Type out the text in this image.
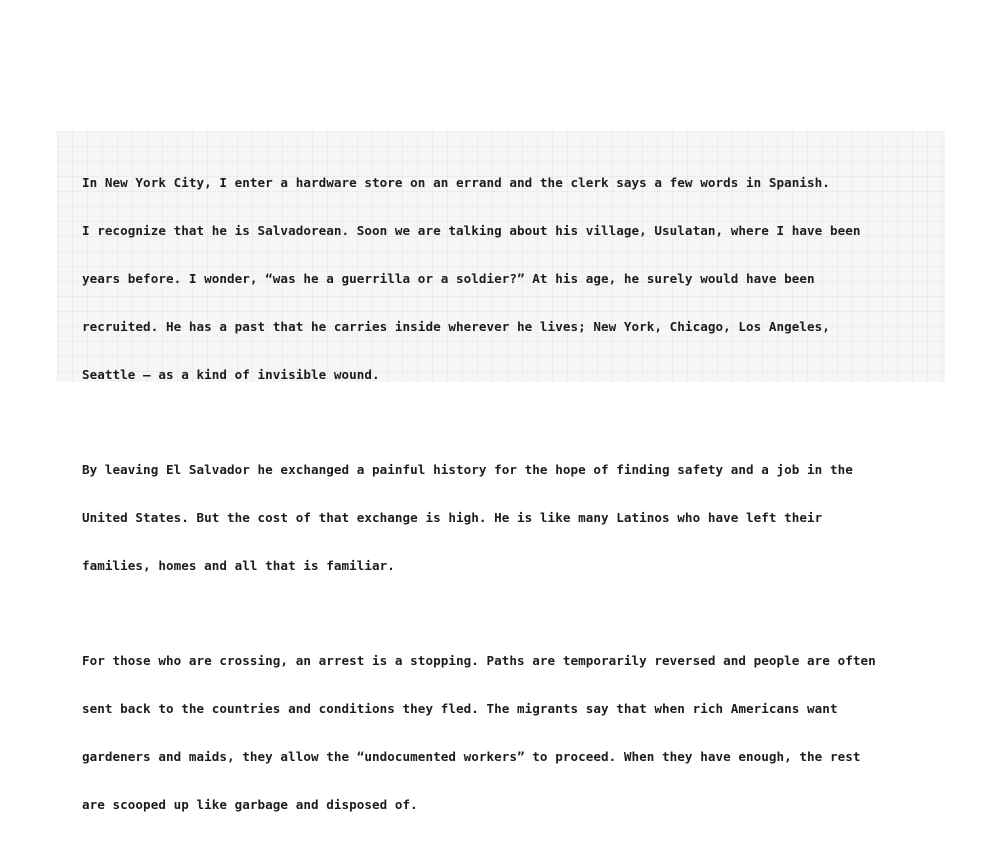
In New York City, I enter a hardware store on an errand and the clerk says a few words in Spanish.

I recognize that he is Salvadorean. Soon we are talking about his village, Usulatan, where I have been

years before. I wonder, “was he a guerrilla or a soldier?” At his age, he surely would have been

recruited. He has a past that he carries inside wherever he lives; New York, Chicago, Los Angeles,

Seattle — as a kind of invisible wound.

By leaving El Salvador he exchanged a painful history for the hope of finding safety and a job in the

United States. But the cost of that exchange is high. He is like many Latinos who have left their

families, homes and all that is familiar.

For those who are crossing, an arrest is a stopping. Paths are temporarily reversed and people are often

sent back to the countries and conditions they fled. The migrants say that when rich Americans want

gardeners and maids, they allow the “undocumented workers” to proceed. When they have enough, the rest

are scooped up like garbage and disposed of.
